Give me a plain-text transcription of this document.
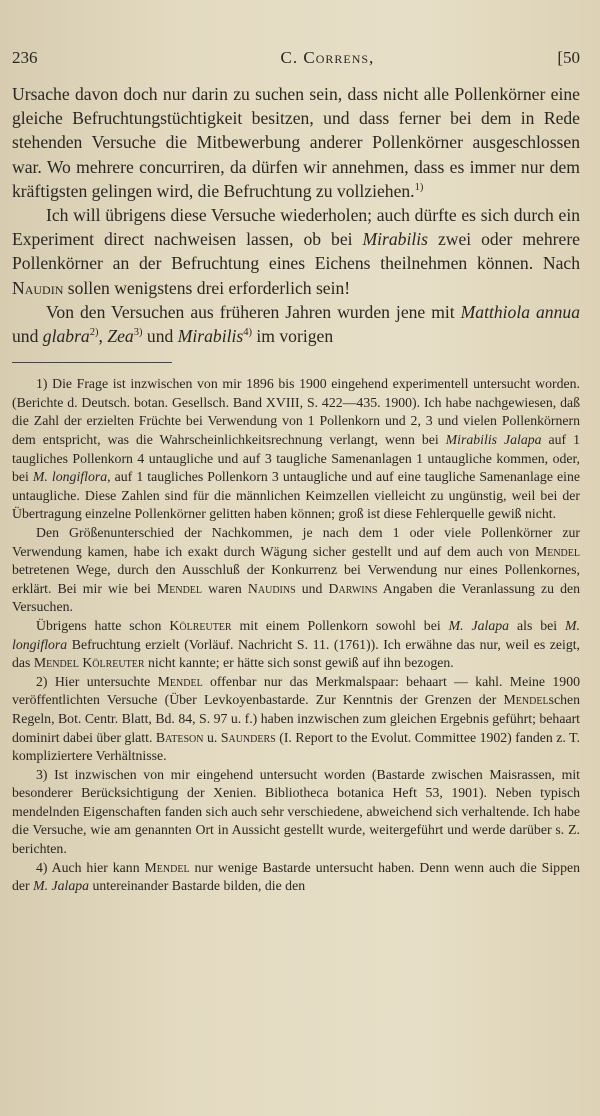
236	C. Correns,	[50

Ursache davon doch nur darin zu suchen sein, dass nicht alle Pollenkörner eine gleiche Befruchtungstüchtigkeit besitzen, und dass ferner bei dem in Rede stehenden Versuche die Mitbewerbung anderer Pollenkörner ausgeschlossen war. Wo mehrere concurriren, da dürfen wir annehmen, dass es immer nur dem kräftigsten gelingen wird, die Befruchtung zu vollziehen.$^{1)}$

Ich will übrigens diese Versuche wiederholen; auch dürfte es sich durch ein Experiment direct nachweisen lassen, ob bei Mirabilis zwei oder mehrere Pollenkörner an der Befruchtung eines Eichens theilnehmen können. Nach Naudin sollen wenigstens drei erforderlich sein!

Von den Versuchen aus früheren Jahren wurden jene mit Matthiola annua und glabra$^{2)}$, Zea$^{3)}$ und Mirabilis$^{4)}$ im vorigen

1) Die Frage ist inzwischen von mir 1896 bis 1900 eingehend experimentell untersucht worden. (Berichte d. Deutsch. botan. Gesellsch. Band XVIII, S. 422—435. 1900). Ich habe nachgewiesen, daß die Zahl der erzielten Früchte bei Verwendung von 1 Pollenkorn und 2, 3 und vielen Pollenkörnern dem entspricht, was die Wahrscheinlichkeitsrechnung verlangt, wenn bei Mirabilis Jalapa auf 1 taugliches Pollenkorn 4 untaugliche und auf 3 taugliche Samenanlagen 1 untaugliche kommen, oder, bei M. longiflora, auf 1 taugliches Pollenkorn 3 untaugliche und auf eine taugliche Samenanlage eine untaugliche. Diese Zahlen sind für die männlichen Keimzellen vielleicht zu ungünstig, weil bei der Übertragung einzelne Pollenkörner gelitten haben können; groß ist diese Fehlerquelle gewiß nicht.

Den Größenunterschied der Nachkommen, je nach dem 1 oder viele Pollenkörner zur Verwendung kamen, habe ich exakt durch Wägung sicher gestellt und auf dem auch von Mendel betretenen Wege, durch den Ausschluß der Konkurrenz bei Verwendung nur eines Pollenkornes, erklärt. Bei mir wie bei Mendel waren Naudins und Darwins Angaben die Veranlassung zu den Versuchen.

Übrigens hatte schon Kölreuter mit einem Pollenkorn sowohl bei M. Jalapa als bei M. longiflora Befruchtung erzielt (Vorläuf. Nachricht S. 11. (1761)). Ich erwähne das nur, weil es zeigt, das Mendel Kölreuter nicht kannte; er hätte sich sonst gewiß auf ihn bezogen.

2) Hier untersuchte Mendel offenbar nur das Merkmalspaar: behaart — kahl. Meine 1900 veröffentlichten Versuche (Über Levkoyenbastarde. Zur Kenntnis der Grenzen der Mendelschen Regeln, Bot. Centr. Blatt, Bd. 84, S. 97 u. f.) haben inzwischen zum gleichen Ergebnis geführt; behaart dominirt dabei über glatt. Bateson u. Saunders (I. Report to the Evolut. Committee 1902) fanden z. T. kompliziertere Verhältnisse.

3) Ist inzwischen von mir eingehend untersucht worden (Bastarde zwischen Maisrassen, mit besonderer Berücksichtigung der Xenien. Bibliotheca botanica Heft 53, 1901). Neben typisch mendelnden Eigenschaften fanden sich auch sehr verschiedene, abweichend sich verhaltende. Ich habe die Versuche, wie am genannten Ort in Aussicht gestellt wurde, weitergeführt und werde darüber s. Z. berichten.

4) Auch hier kann Mendel nur wenige Bastarde untersucht haben. Denn wenn auch die Sippen der M. Jalapa untereinander Bastarde bilden, die den
